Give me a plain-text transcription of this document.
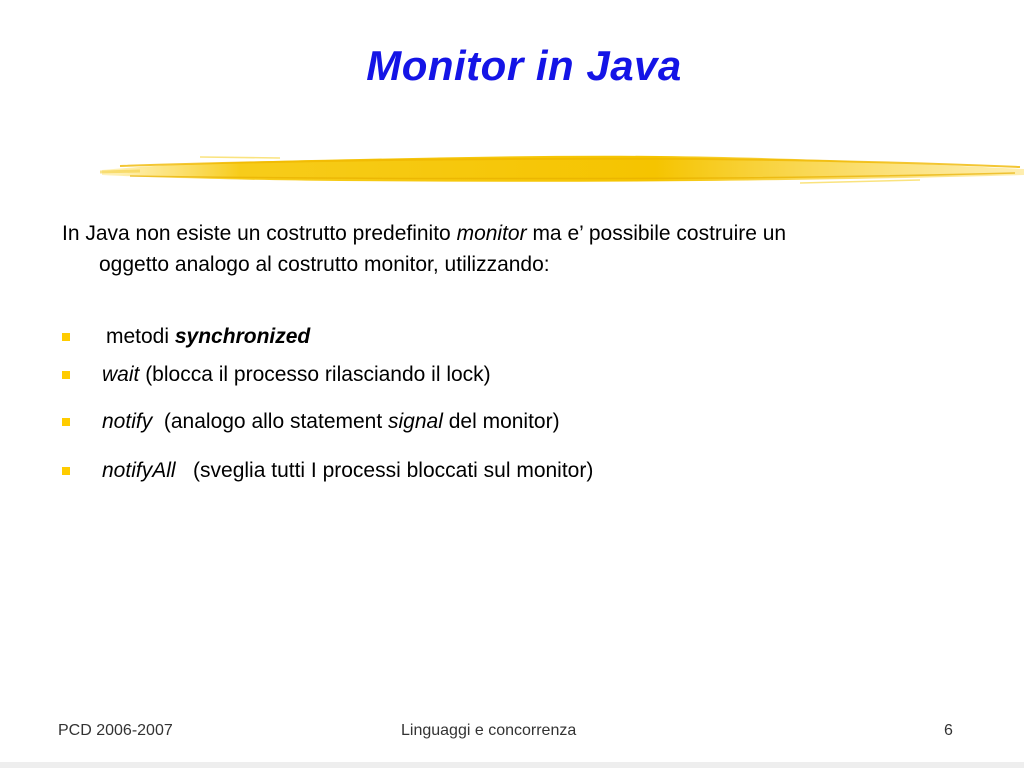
Monitor in Java
In Java non esiste un costrutto predefinito monitor ma e’ possibile costruire un
oggetto analogo al costrutto monitor, utilizzando:
metodi synchronized
wait (blocca il processo rilasciando il lock)
notify  (analogo allo statement signal del monitor)
notifyAll   (sveglia tutti I processi bloccati sul monitor)
PCD 2006-2007	Linguaggi e concorrenza	6
